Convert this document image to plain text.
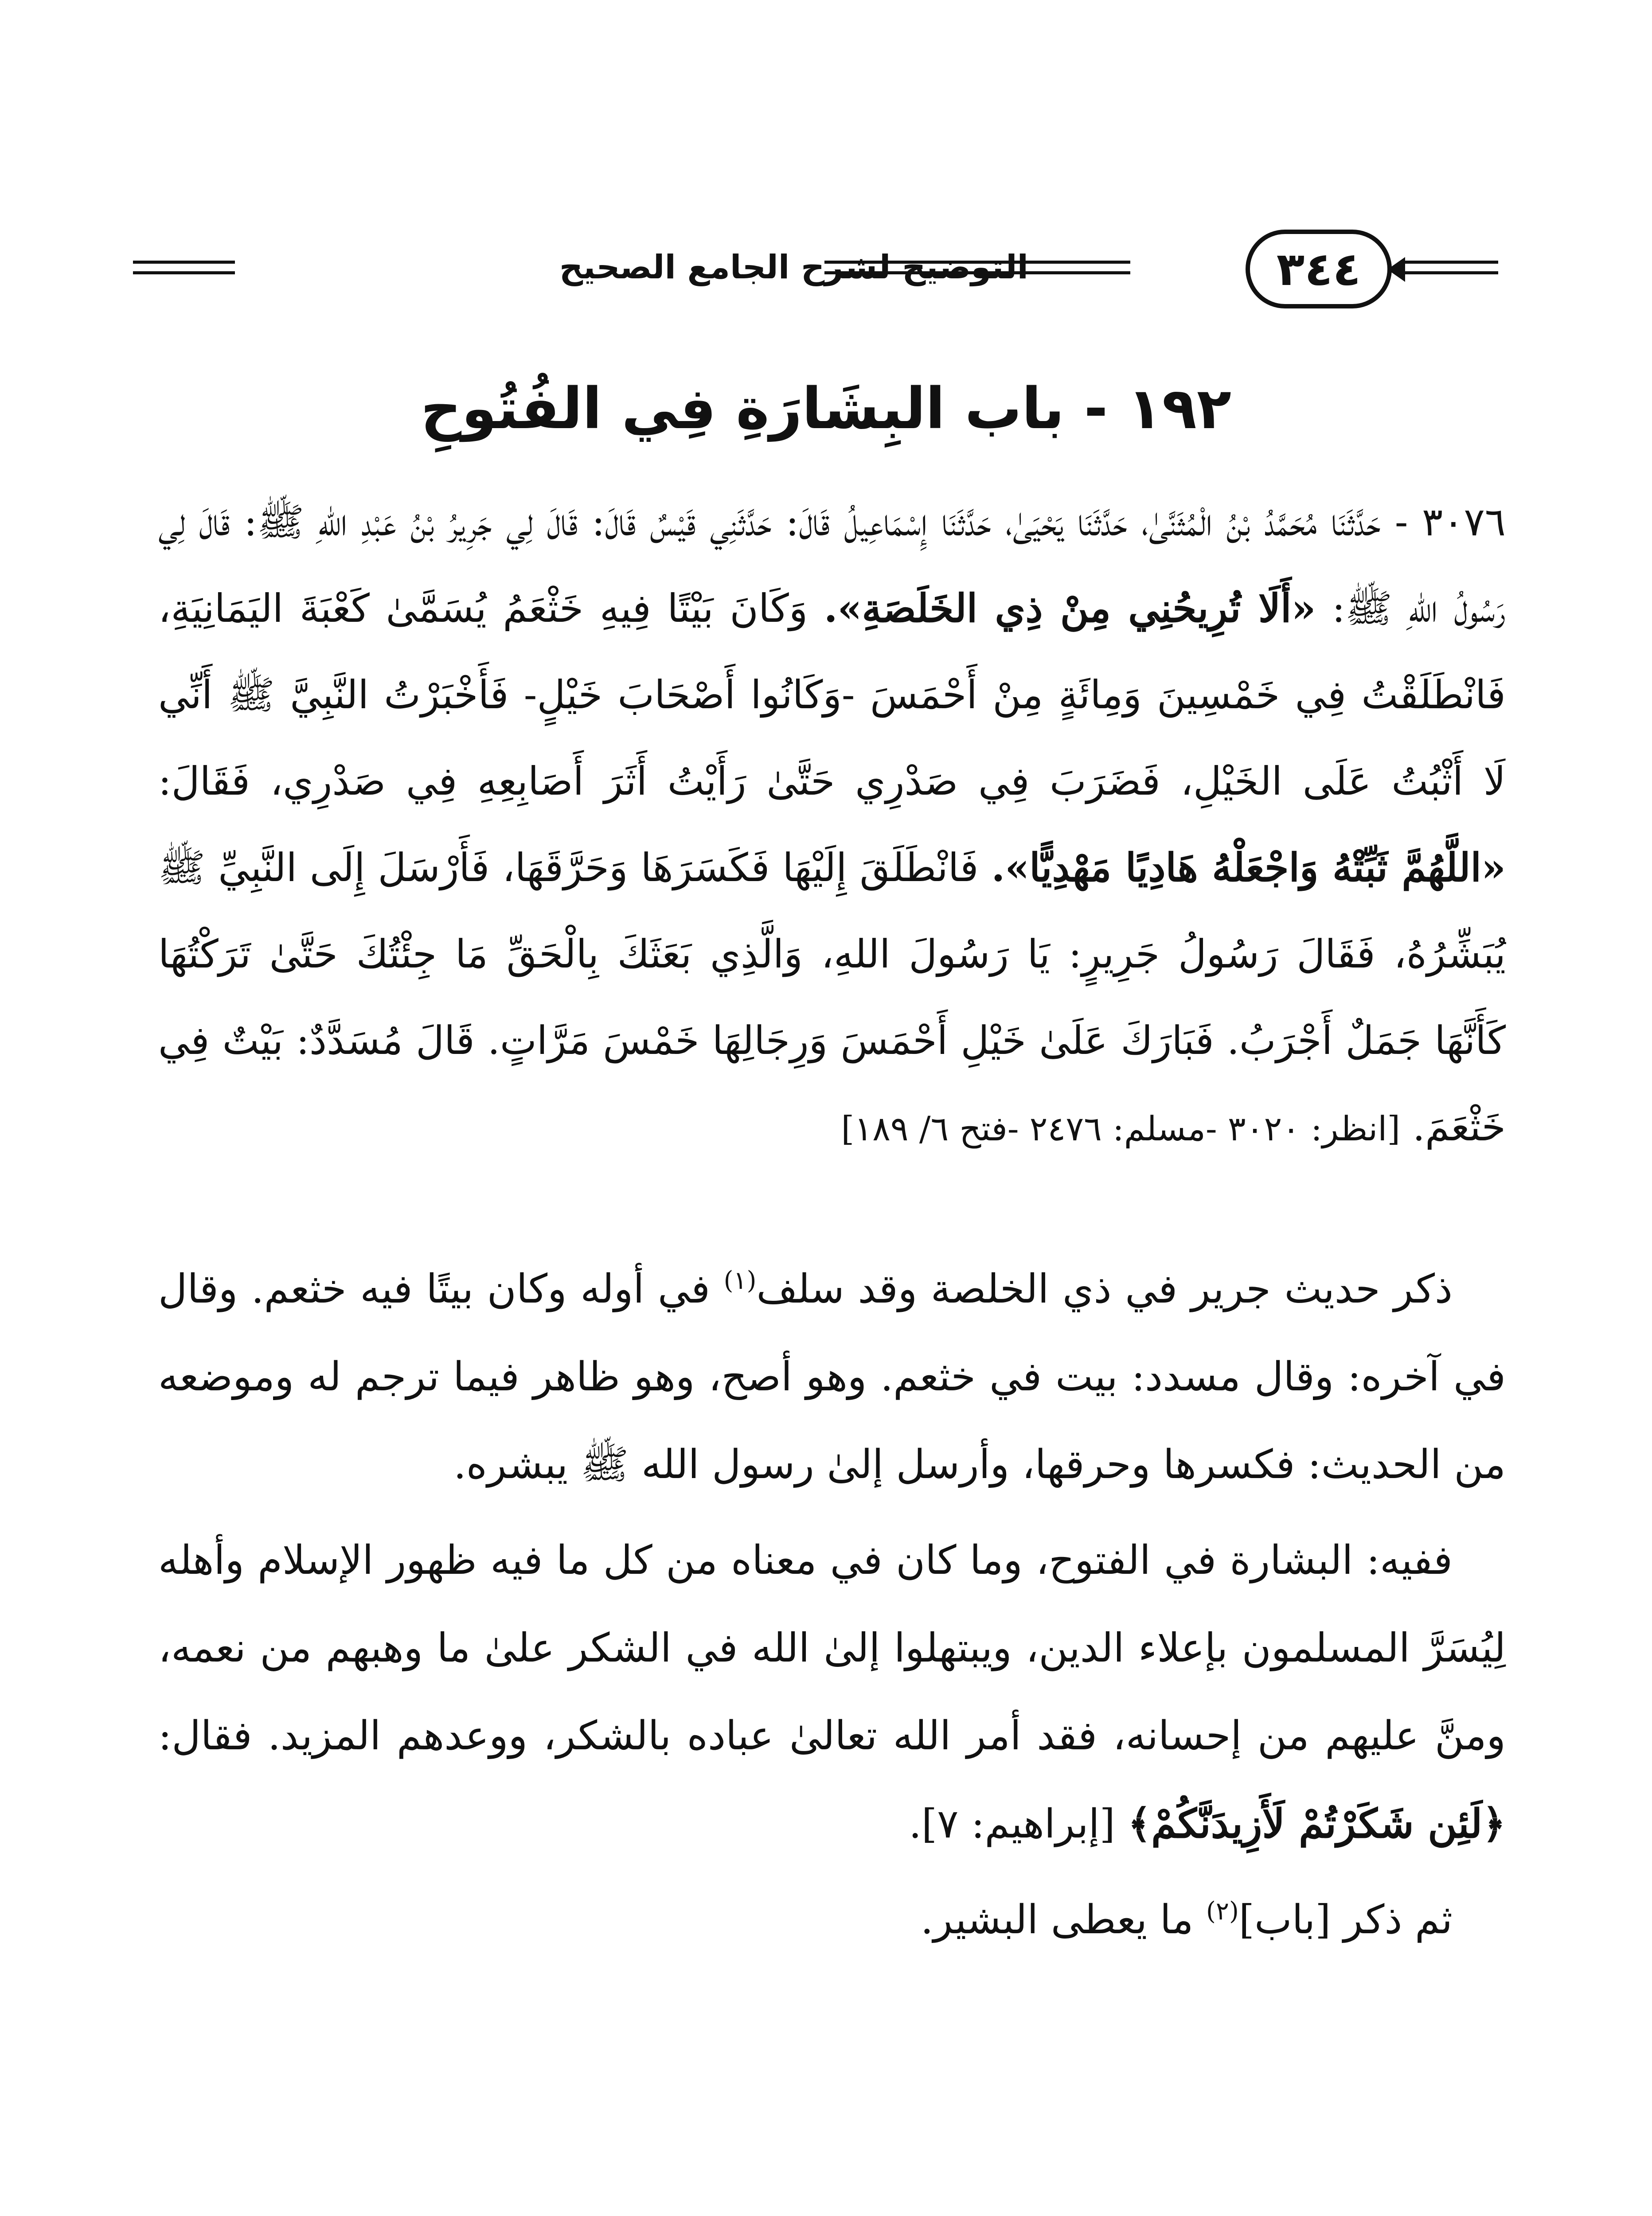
التوضيح لشرح الجامع الصحيح	٣٤٤
١٩٢ - باب البِشَارَةِ فِي الفُتُوحِ
٣٠٧٦ - حَدَّثَنَا مُحَمَّدُ بْنُ الْمُثَنَّىٰ، حَدَّثَنَا يَحْيَىٰ، حَدَّثَنَا إِسْمَاعِيلُ قَالَ: حَدَّثَنِي قَيْسٌ قَالَ: قَالَ لِي جَرِيرُ بْنُ عَبْدِ اللهِ ﷺ: قَالَ لِي رَسُولُ اللهِ ﷺ: «أَلَا تُرِيحُنِي مِنْ ذِي الخَلَصَةِ». وَكَانَ بَيْتًا فِيهِ خَثْعَمُ يُسَمَّىٰ كَعْبَةَ اليَمَانِيَةِ، فَانْطَلَقْتُ فِي خَمْسِينَ وَمِائَةٍ مِنْ أَحْمَسَ -وَكَانُوا أَصْحَابَ خَيْلٍ- فَأَخْبَرْتُ النَّبِيَّ ﷺ أَنِّي لَا أَثْبُتُ عَلَى الخَيْلِ، فَضَرَبَ فِي صَدْرِي حَتَّىٰ رَأَيْتُ أَثَرَ أَصَابِعِهِ فِي صَدْرِي، فَقَالَ: «اللَّهُمَّ ثَبِّتْهُ وَاجْعَلْهُ هَادِيًا مَهْدِيًّا». فَانْطَلَقَ إِلَيْهَا فَكَسَرَهَا وَحَرَّقَهَا، فَأَرْسَلَ إِلَى النَّبِيِّ ﷺ يُبَشِّرُهُ، فَقَالَ رَسُولُ جَرِيرٍ: يَا رَسُولَ اللهِ، وَالَّذِي بَعَثَكَ بِالْحَقِّ مَا جِئْتُكَ حَتَّىٰ تَرَكْتُهَا كَأَنَّهَا جَمَلٌ أَجْرَبُ. فَبَارَكَ عَلَىٰ خَيْلِ أَحْمَسَ وَرِجَالِهَا خَمْسَ مَرَّاتٍ. قَالَ مُسَدَّدٌ: بَيْتٌ فِي خَثْعَمَ. [انظر: ٣٠٢٠ -مسلم: ٢٤٧٦ -فتح ٦/ ١٨٩]

ذكر حديث جرير في ذي الخلصة وقد سلف$^{(١)}$ في أوله وكان بيتًا فيه خثعم. وقال في آخره: وقال مسدد: بيت في خثعم. وهو أصح، وهو ظاهر فيما ترجم له وموضعه من الحديث: فكسرها وحرقها، وأرسل إلىٰ رسول الله ﷺ يبشره.

ففيه: البشارة في الفتوح، وما كان في معناه من كل ما فيه ظهور الإسلام وأهله لِيُسَرَّ المسلمون بإعلاء الدين، ويبتهلوا إلىٰ الله في الشكر علىٰ ما وهبهم من نعمه، ومنَّ عليهم من إحسانه، فقد أمر الله تعالىٰ عباده بالشكر، ووعدهم المزيد. فقال: ﴿لَئِن شَكَرْتُمْ لَأَزِيدَنَّكُمْ﴾ [إبراهيم: ٧].

ثم ذكر [باب]$^{(٢)}$ ما يعطى البشير.
